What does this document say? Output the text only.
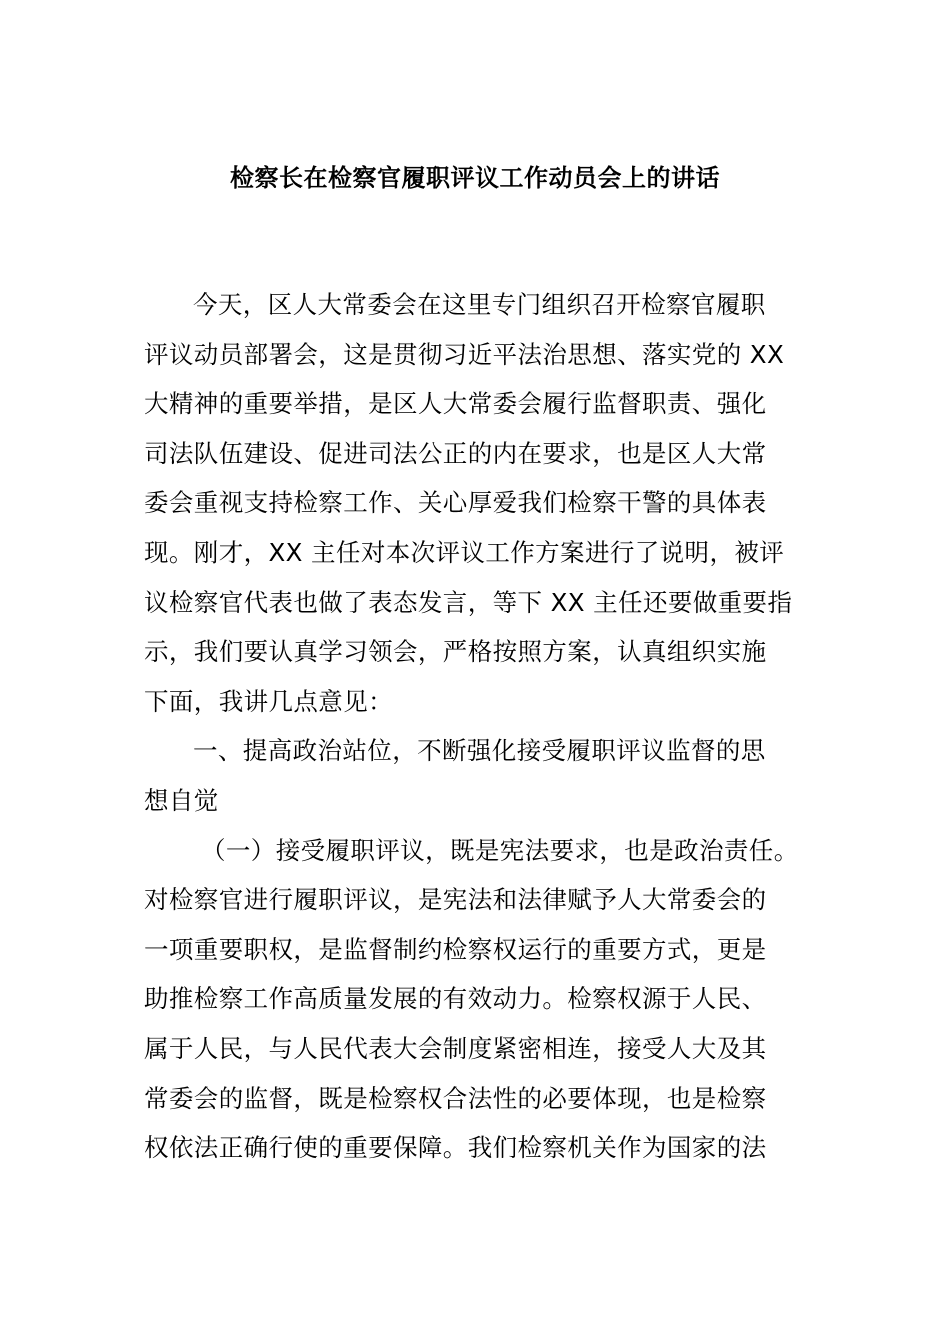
检察长在检察官履职评议工作动员会上的讲话
今天，区人大常委会在这里专门组织召开检察官履职
评议动员部署会，这是贯彻习近平法治思想、落实党的 XX
大精神的重要举措，是区人大常委会履行监督职责、强化
司法队伍建设、促进司法公正的内在要求，也是区人大常
委会重视支持检察工作、关心厚爱我们检察干警的具体表
现。刚才，XX 主任对本次评议工作方案进行了说明，被评
议检察官代表也做了表态发言，等下 XX 主任还要做重要指
示，我们要认真学习领会，严格按照方案，认真组织实施
下面，我讲几点意见：
一、提高政治站位，不断强化接受履职评议监督的思
想自觉
（一）接受履职评议，既是宪法要求，也是政治责任。
对检察官进行履职评议，是宪法和法律赋予人大常委会的
一项重要职权，是监督制约检察权运行的重要方式，更是
助推检察工作高质量发展的有效动力。检察权源于人民、
属于人民，与人民代表大会制度紧密相连，接受人大及其
常委会的监督，既是检察权合法性的必要体现，也是检察
权依法正确行使的重要保障。我们检察机关作为国家的法
